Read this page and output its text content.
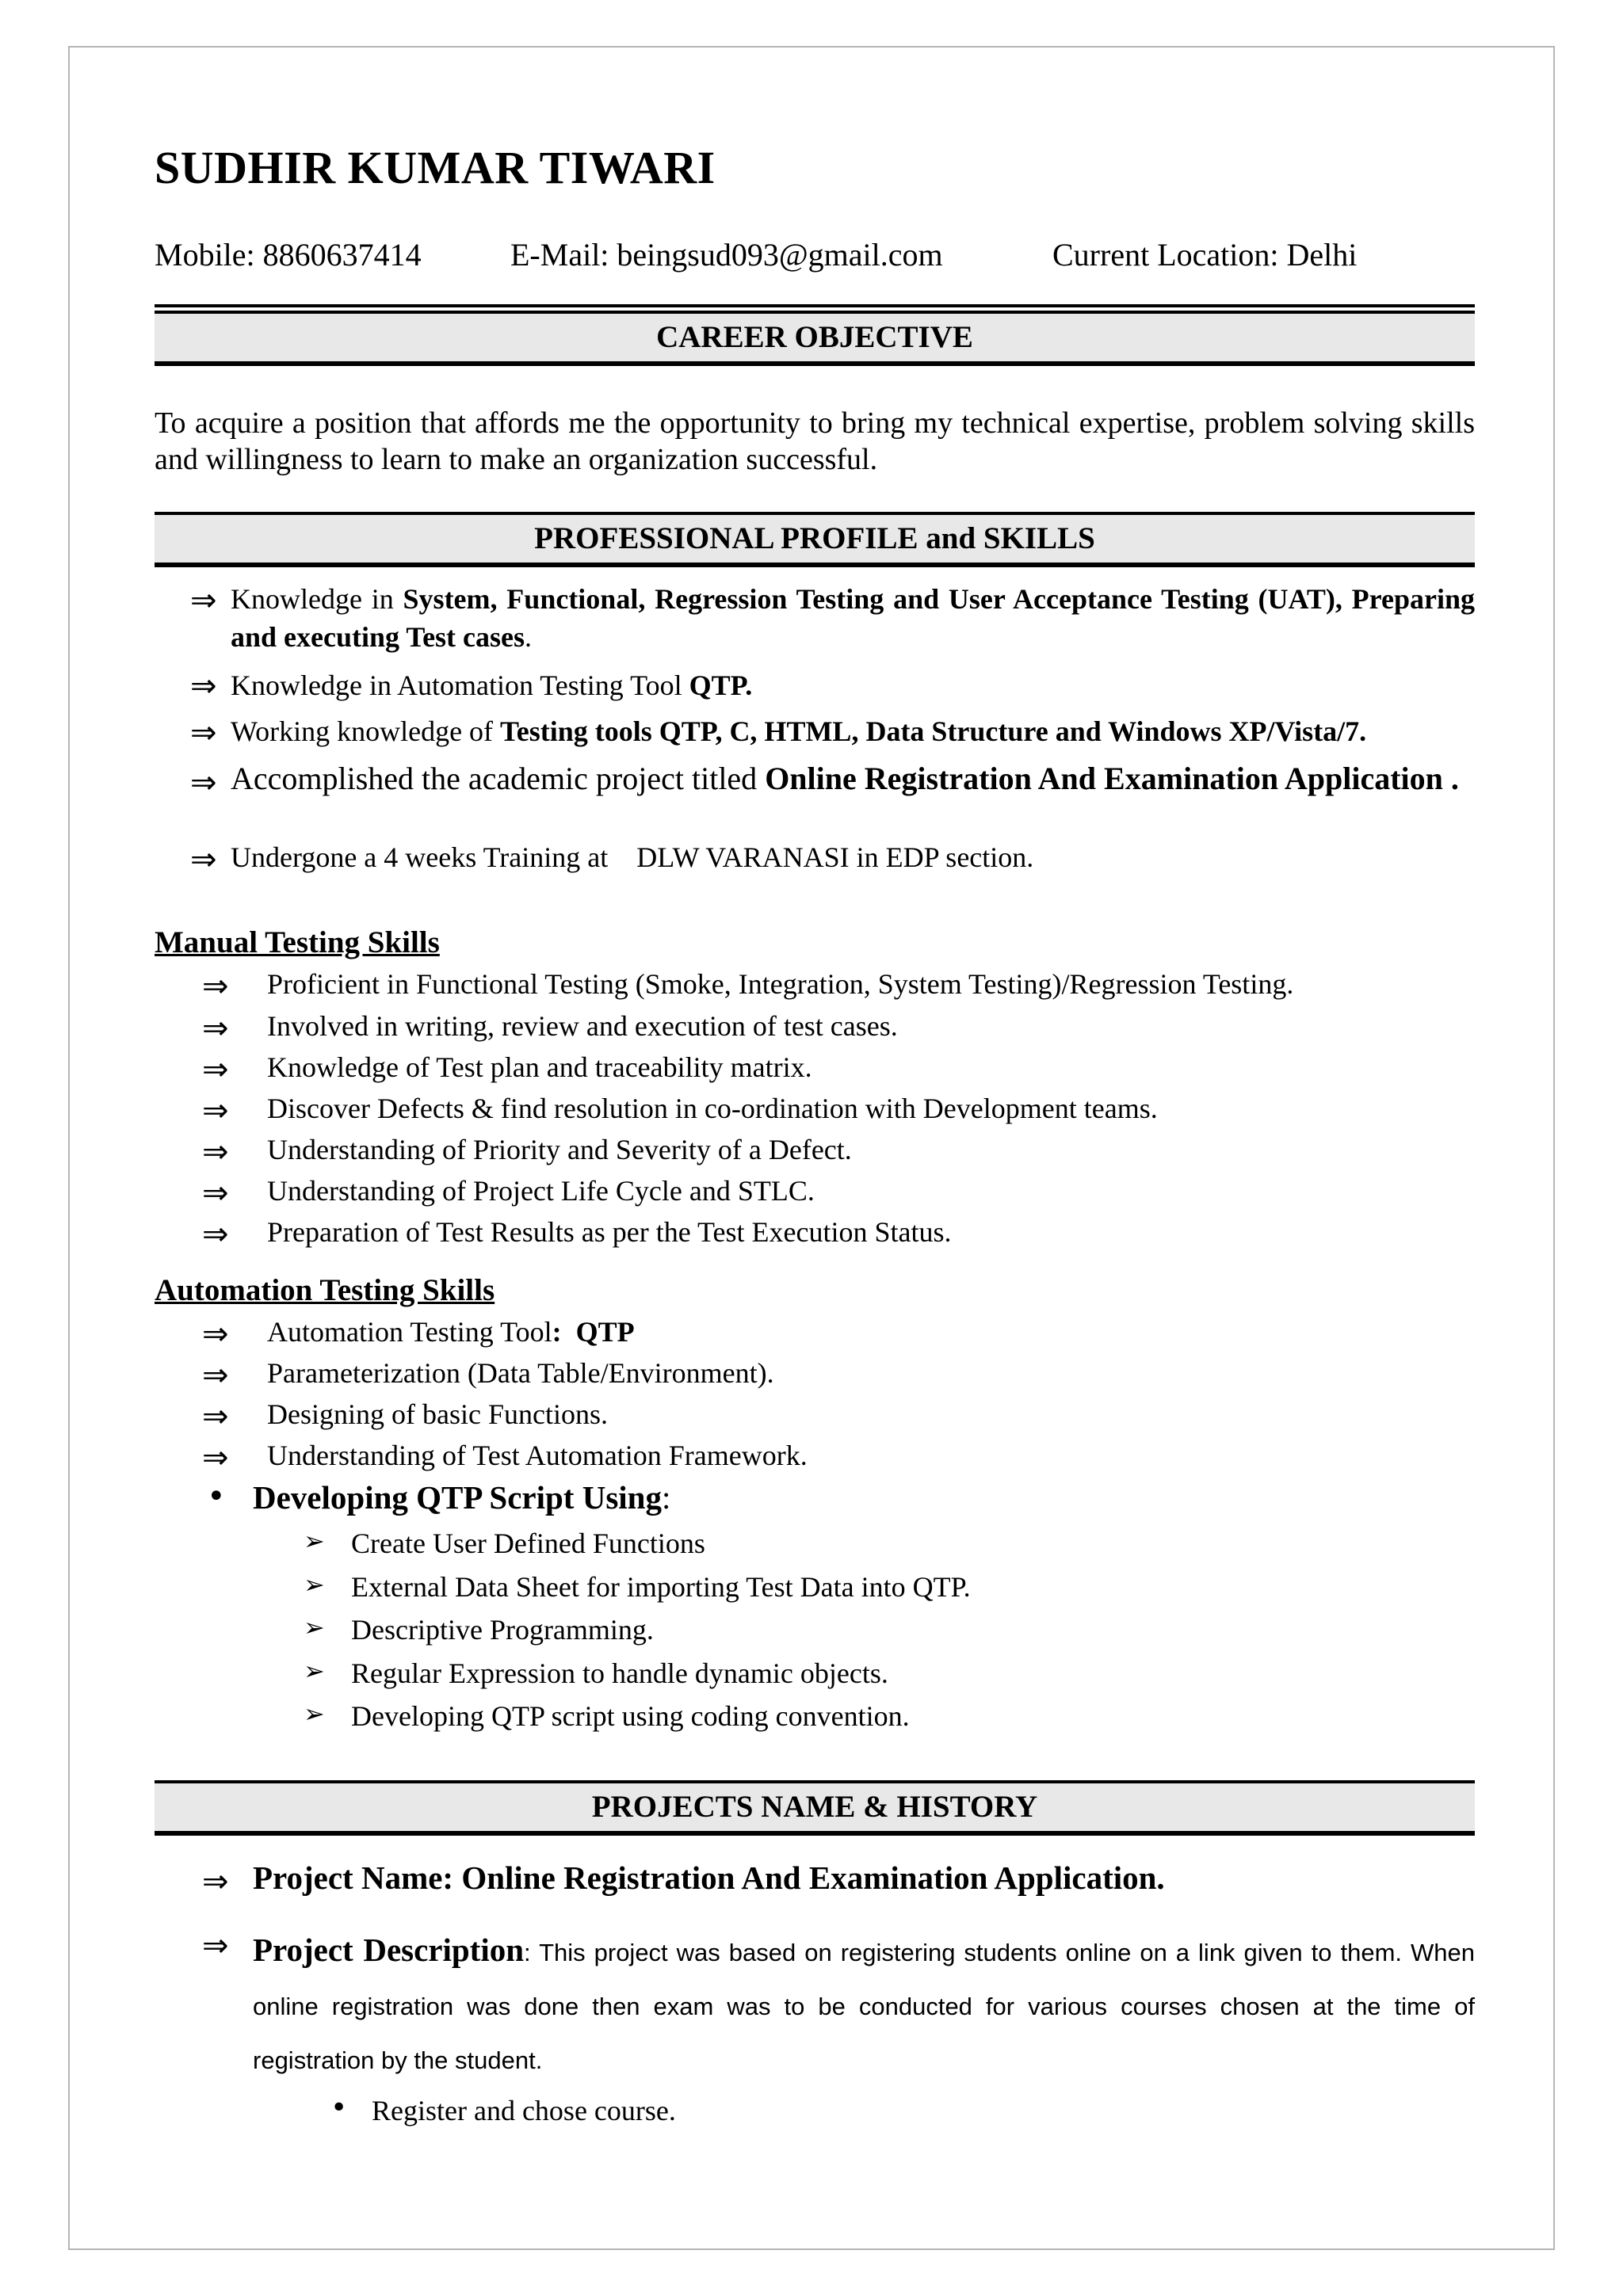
SUDHIR KUMAR TIWARI
Mobile: 8860637414	E-Mail: beingsud093@gmail.com	Current Location: Delhi
CAREER OBJECTIVE
To acquire a position that affords me the opportunity to bring my technical expertise, problem solving skills and willingness to learn to make an organization successful.
PROFESSIONAL PROFILE and SKILLS
⇒ Knowledge in System, Functional, Regression Testing and User Acceptance Testing (UAT), Preparing and executing Test cases.
⇒ Knowledge in Automation Testing Tool QTP.
⇒ Working knowledge of Testing tools QTP, C, HTML, Data Structure and Windows XP/Vista/7.
⇒ Accomplished the academic project titled Online Registration And Examination Application .
⇒ Undergone a 4 weeks Training at    DLW VARANASI in EDP section.
Manual Testing Skills
⇒ Proficient in Functional Testing (Smoke, Integration, System Testing)/Regression Testing.
⇒ Involved in writing, review and execution of test cases.
⇒ Knowledge of Test plan and traceability matrix.
⇒ Discover Defects & find resolution in co-ordination with Development teams.
⇒ Understanding of Priority and Severity of a Defect.
⇒ Understanding of Project Life Cycle and STLC.
⇒ Preparation of Test Results as per the Test Execution Status.
Automation Testing Skills
⇒ Automation Testing Tool:  QTP
⇒ Parameterization (Data Table/Environment).
⇒ Designing of basic Functions.
⇒ Understanding of Test Automation Framework.
• Developing QTP Script Using:
➢ Create User Defined Functions
➢ External Data Sheet for importing Test Data into QTP.
➢ Descriptive Programming.
➢ Regular Expression to handle dynamic objects.
➢ Developing QTP script using coding convention.
PROJECTS NAME & HISTORY
⇒ Project Name: Online Registration And Examination Application.
⇒ Project Description: This project was based on registering students online on a link given to them. When online registration was done then exam was to be conducted for various courses chosen at the time of registration by the student.
• Register and chose course.
